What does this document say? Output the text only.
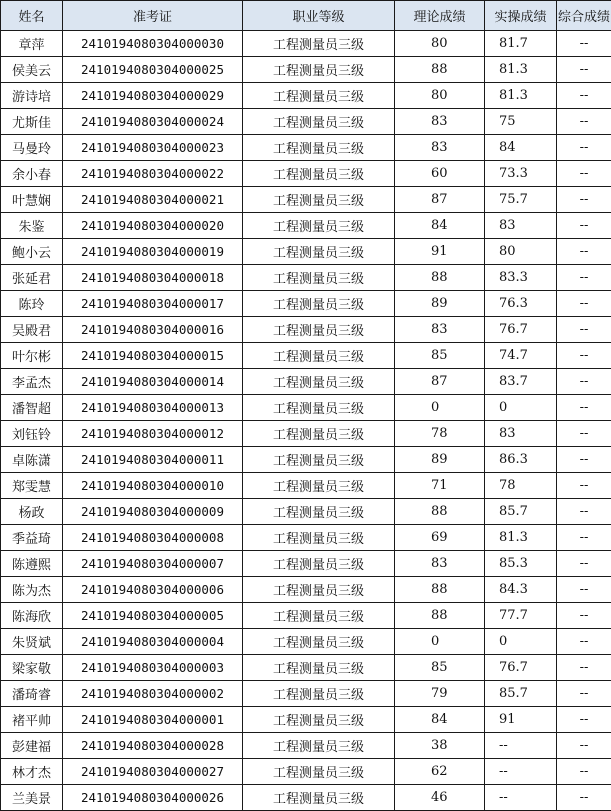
姓名	准考证	职业等级	理论成绩	实操成绩	综合成绩
章萍	2410194080304000030	工程测量员三级	80	81.7	--
侯美云	2410194080304000025	工程测量员三级	88	81.3	--
游诗培	2410194080304000029	工程测量员三级	80	81.3	--
尤斯佳	2410194080304000024	工程测量员三级	83	75	--
马曼玲	2410194080304000023	工程测量员三级	83	84	--
余小春	2410194080304000022	工程测量员三级	60	73.3	--
叶慧娴	2410194080304000021	工程测量员三级	87	75.7	--
朱鉴	2410194080304000020	工程测量员三级	84	83	--
鲍小云	2410194080304000019	工程测量员三级	91	80	--
张延君	2410194080304000018	工程测量员三级	88	83.3	--
陈玲	2410194080304000017	工程测量员三级	89	76.3	--
吴殿君	2410194080304000016	工程测量员三级	83	76.7	--
叶尔彬	2410194080304000015	工程测量员三级	85	74.7	--
李孟杰	2410194080304000014	工程测量员三级	87	83.7	--
潘智超	2410194080304000013	工程测量员三级	0	0	--
刘钰铃	2410194080304000012	工程测量员三级	78	83	--
卓陈潇	2410194080304000011	工程测量员三级	89	86.3	--
郑雯慧	2410194080304000010	工程测量员三级	71	78	--
杨政	2410194080304000009	工程测量员三级	88	85.7	--
季益琦	2410194080304000008	工程测量员三级	69	81.3	--
陈遵熙	2410194080304000007	工程测量员三级	83	85.3	--
陈为杰	2410194080304000006	工程测量员三级	88	84.3	--
陈海欣	2410194080304000005	工程测量员三级	88	77.7	--
朱贤斌	2410194080304000004	工程测量员三级	0	0	--
梁家敬	2410194080304000003	工程测量员三级	85	76.7	--
潘琦睿	2410194080304000002	工程测量员三级	79	85.7	--
褚平帅	2410194080304000001	工程测量员三级	84	91	--
彭建福	2410194080304000028	工程测量员三级	38	--	--
林才杰	2410194080304000027	工程测量员三级	62	--	--
兰美景	2410194080304000026	工程测量员三级	46	--	--
